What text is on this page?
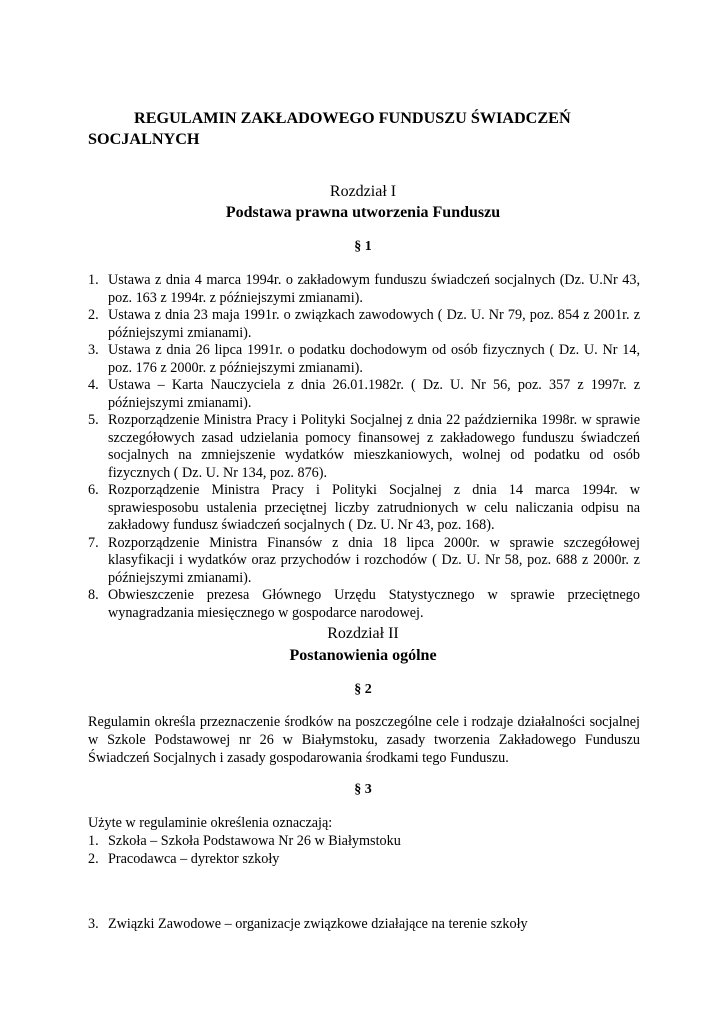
REGULAMIN ZAKŁADOWEGO FUNDUSZU ŚWIADCZEŃ SOCJALNYCH

Rozdział I

Podstawa prawna utworzenia Funduszu

§ 1

1. Ustawa z dnia 4 marca 1994r. o zakładowym funduszu świadczeń socjalnych (Dz. U.Nr 43, poz. 163 z 1994r. z późniejszymi zmianami).
2. Ustawa z dnia 23 maja 1991r. o związkach zawodowych ( Dz. U. Nr 79, poz. 854 z 2001r. z późniejszymi zmianami).
3. Ustawa z dnia 26 lipca 1991r. o podatku dochodowym od osób fizycznych ( Dz. U. Nr 14, poz. 176 z 2000r. z późniejszymi zmianami).
4. Ustawa – Karta Nauczyciela z dnia 26.01.1982r. ( Dz. U. Nr 56, poz. 357 z 1997r. z późniejszymi zmianami).
5. Rozporządzenie Ministra Pracy i Polityki Socjalnej z dnia 22 października 1998r. w sprawie szczegółowych zasad udzielania pomocy finansowej z zakładowego funduszu świadczeń socjalnych na zmniejszenie wydatków mieszkaniowych, wolnej od podatku od osób fizycznych ( Dz. U. Nr 134, poz. 876).
6. Rozporządzenie Ministra Pracy i Polityki Socjalnej z dnia 14 marca 1994r. w sprawiesposobu ustalenia przeciętnej liczby zatrudnionych w celu naliczania odpisu na zakładowy fundusz świadczeń socjalnych ( Dz. U. Nr 43, poz. 168).
7. Rozporządzenie Ministra Finansów z dnia 18 lipca 2000r. w sprawie szczegółowej klasyfikacji i wydatków oraz przychodów i rozchodów ( Dz. U. Nr 58, poz. 688 z 2000r. z późniejszymi zmianami).
8. Obwieszczenie prezesa Głównego Urzędu Statystycznego w sprawie przeciętnego wynagradzania miesięcznego w gospodarce narodowej.

Rozdział II

Postanowienia ogólne

§ 2

Regulamin określa przeznaczenie środków na poszczególne cele i rodzaje działalności socjalnej w Szkole Podstawowej nr 26 w Białymstoku, zasady tworzenia Zakładowego Funduszu Świadczeń Socjalnych i zasady gospodarowania środkami tego Funduszu.

§ 3

Użyte w regulaminie określenia oznaczają:

1. Szkoła – Szkoła Podstawowa Nr 26 w Białymstoku

2. Pracodawca – dyrektor szkoły

3. Związki Zawodowe – organizacje związkowe działające na terenie szkoły
